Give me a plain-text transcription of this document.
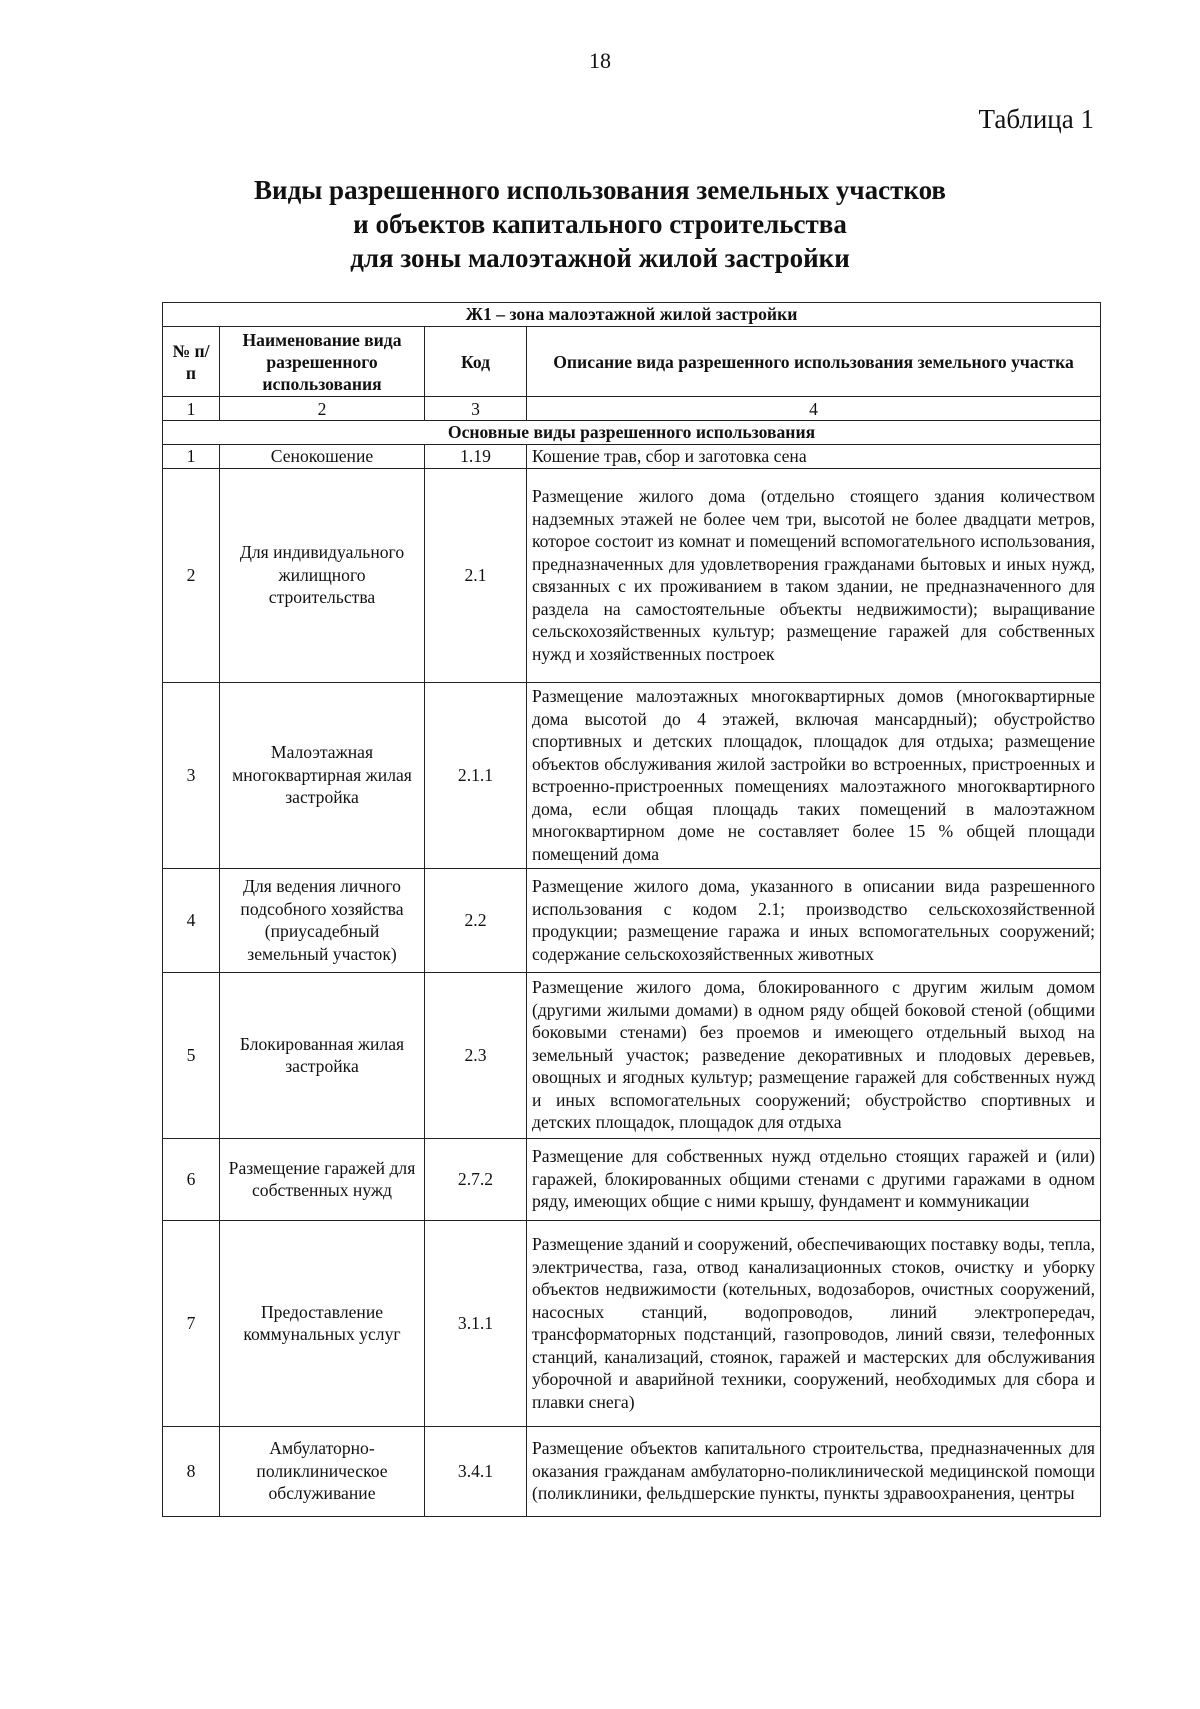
18
Таблица 1
Виды разрешенного использования земельных участков
и объектов капитального строительства
для зоны малоэтажной жилой застройки
Ж1 – зона малоэтажной жилой застройки			
№ п/п	Наименование вида разрешенного использования	Код	Описание вида разрешенного использования земельного участка
1	2	3	4
Основные виды разрешенного использования			
1	Сенокошение	1.19	Кошение трав, сбор и заготовка сена
2	Для индивидуального жилищного строительства	2.1	Размещение жилого дома (отдельно стоящего здания количеством надземных этажей не более чем три, высотой не более двадцати метров, которое состоит из комнат и помещений вспомогательного использования, предназначенных для удовлетворения гражданами бытовых и иных нужд, связанных с их проживанием в таком здании, не предназначенного для раздела на самостоятельные объекты недвижимости); выращивание сельскохозяйственных культур; размещение гаражей для собственных нужд и хозяйственных построек
3	Малоэтажная многоквартирная жилая застройка	2.1.1	Размещение малоэтажных многоквартирных домов (многоквартирные дома высотой до 4 этажей, включая мансардный); обустройство спортивных и детских площадок, площадок для отдыха; размещение объектов обслуживания жилой застройки во встроенных, пристроенных и встроенно-пристроенных помещениях малоэтажного многоквартирного дома, если общая площадь таких помещений в малоэтажном многоквартирном доме не составляет более 15 % общей площади помещений дома
4	Для ведения личного подсобного хозяйства (приусадебный земельный участок)	2.2	Размещение жилого дома, указанного в описании вида разрешенного использования с кодом 2.1; производство сельскохозяйственной продукции; размещение гаража и иных вспомогательных сооружений; содержание сельскохозяйственных животных
5	Блокированная жилая застройка	2.3	Размещение жилого дома, блокированного с другим жилым домом (другими жилыми домами) в одном ряду общей боковой стеной (общими боковыми стенами) без проемов и имеющего отдельный выход на земельный участок; разведение декоративных и плодовых деревьев, овощных и ягодных культур; размещение гаражей для собственных нужд и иных вспомогательных сооружений; обустройство спортивных и детских площадок, площадок для отдыха
6	Размещение гаражей для собственных нужд	2.7.2	Размещение для собственных нужд отдельно стоящих гаражей и (или) гаражей, блокированных общими стенами с другими гаражами в одном ряду, имеющих общие с ними крышу, фундамент и коммуникации
7	Предоставление коммунальных услуг	3.1.1	Размещение зданий и сооружений, обеспечивающих поставку воды, тепла, электричества, газа, отвод канализационных стоков, очистку и уборку объектов недвижимости (котельных, водозаборов, очистных сооружений, насосных станций, водопроводов, линий электропередач, трансформаторных подстанций, газопроводов, линий связи, телефонных станций, канализаций, стоянок, гаражей и мастерских для обслуживания уборочной и аварийной техники, сооружений, необходимых для сбора и плавки снега)
8	Амбулаторно-поликлиническое обслуживание	3.4.1	Размещение объектов капитального строительства, предназначенных для оказания гражданам амбулаторно-поликлинической медицинской помощи (поликлиники, фельдшерские пункты, пункты здравоохранения, центры
